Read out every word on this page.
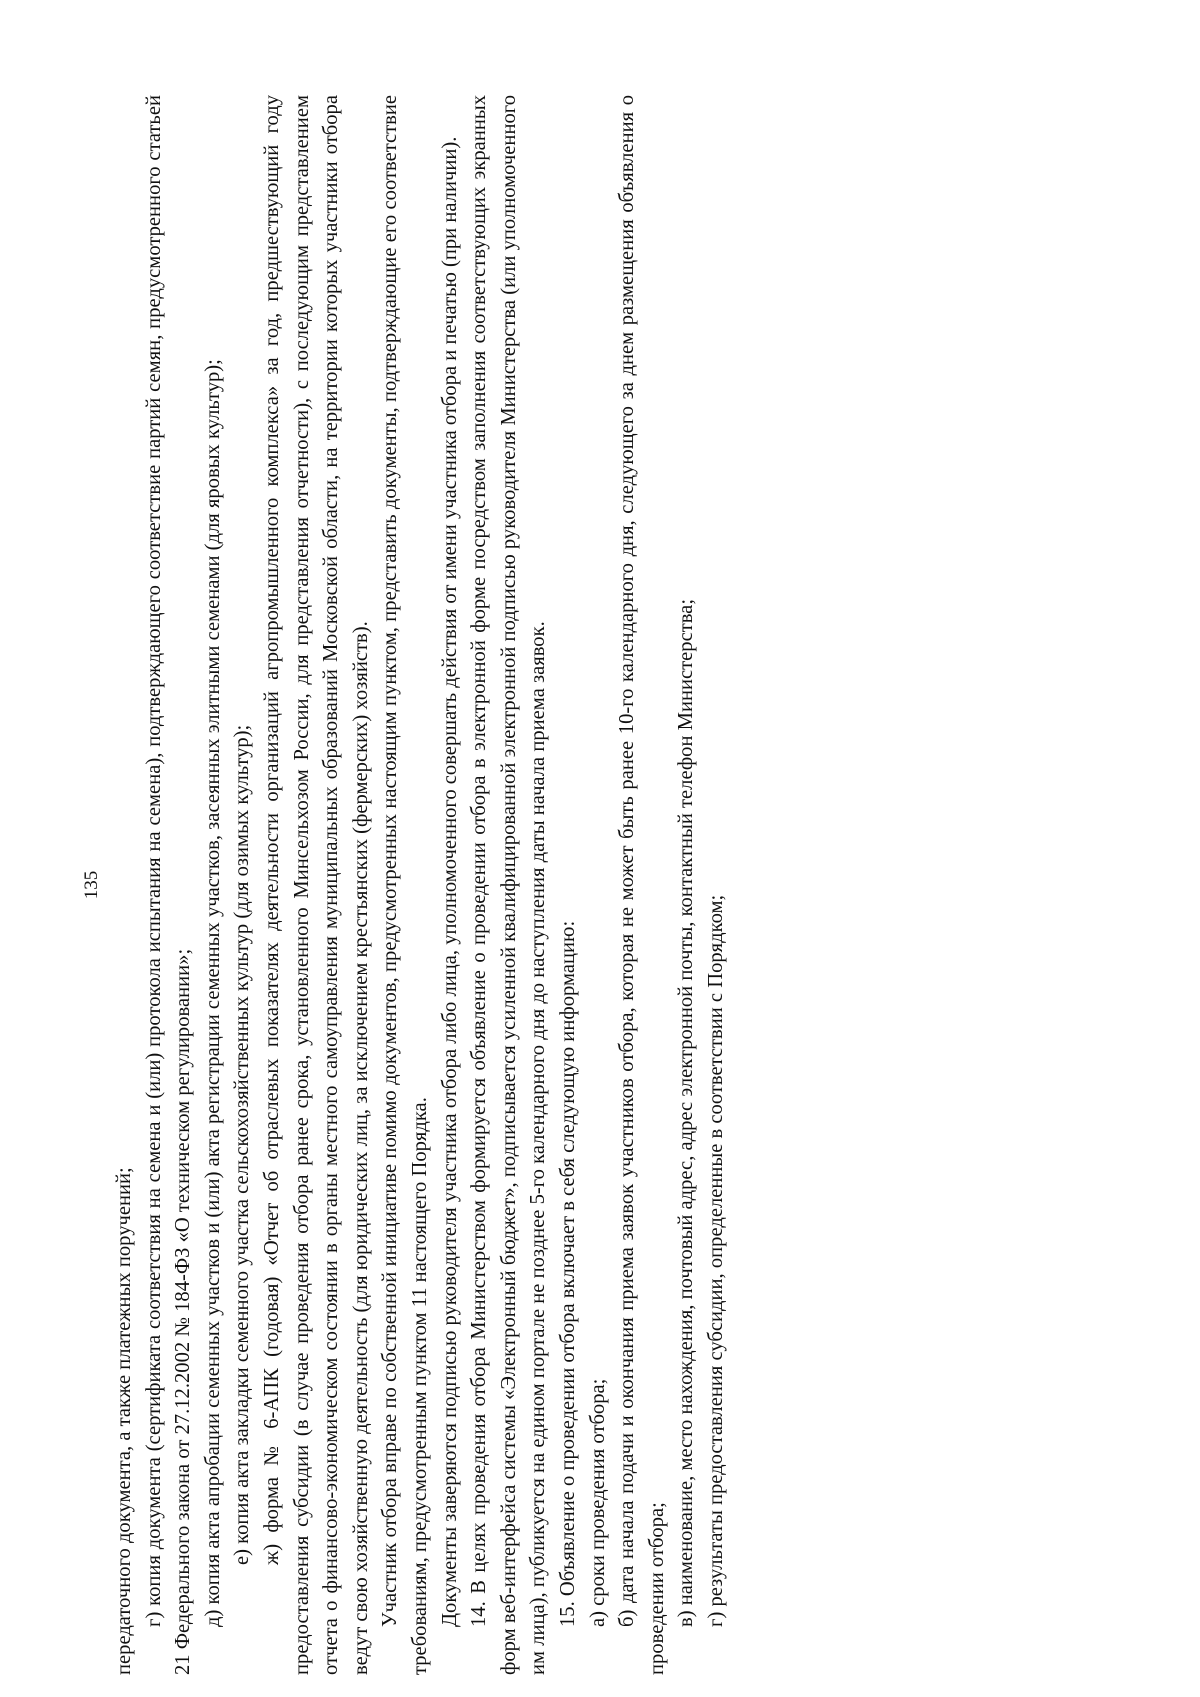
135

передаточного документа, а также платежных поручений; г) копия документа (сертификата соответствия на семена и (или) протокола испытания на семена), подтверждающего соответствие партий семян, предусмотренного статьей 21 Федерального закона от 27.12.2002 № 184-ФЗ «О техническом регулировании»; д) копия акта апробации семенных участков и (или) акта регистрации семенных участков, засеянных элитными семенами (для яровых культур); е) копия акта закладки семенного участка сельскохозяйственных культур (для озимых культур); ж) форма № 6-АПК (годовая) «Отчет об отраслевых показателях деятельности организаций агропромышленного комплекса» за год, предшествующий году предоставления субсидии (в случае проведения отбора ранее срока, установленного Минсельхозом России, для представления отчетности), с последующим представлением отчета о финансово-экономическом состоянии в органы местного самоуправления муниципальных образований Московской области, на территории которых участники отбора ведут свою хозяйственную деятельность (для юридических лиц, за исключением крестьянских (фермерских) хозяйств). Участник отбора вправе по собственной инициативе помимо документов, предусмотренных настоящим пунктом, представить документы, подтверждающие его соответствие требованиям, предусмотренным пунктом 11 настоящего Порядка. Документы заверяются подписью руководителя участника отбора либо лица, уполномоченного совершать действия от имени участника отбора и печатью (при наличии). 14. В целях проведения отбора Министерством формируется объявление о проведении отбора в электронной форме посредством заполнения соответствующих экранных форм веб-интерфейса системы «Электронный бюджет», подписывается усиленной квалифицированной электронной подписью руководителя Министерства (или уполномоченного им лица), публикуется на едином портале не позднее 5-го календарного дня до наступления даты начала приема заявок. 15. Объявление о проведении отбора включает в себя следующую информацию: а) сроки проведения отбора; б) дата начала подачи и окончания приема заявок участников отбора, которая не может быть ранее 10-го календарного дня, следующего за днем размещения объявления о проведении отбора; в) наименование, место нахождения, почтовый адрес, адрес электронной почты, контактный телефон Министерства; г) результаты предоставления субсидии, определенные в соответствии с Порядком;
